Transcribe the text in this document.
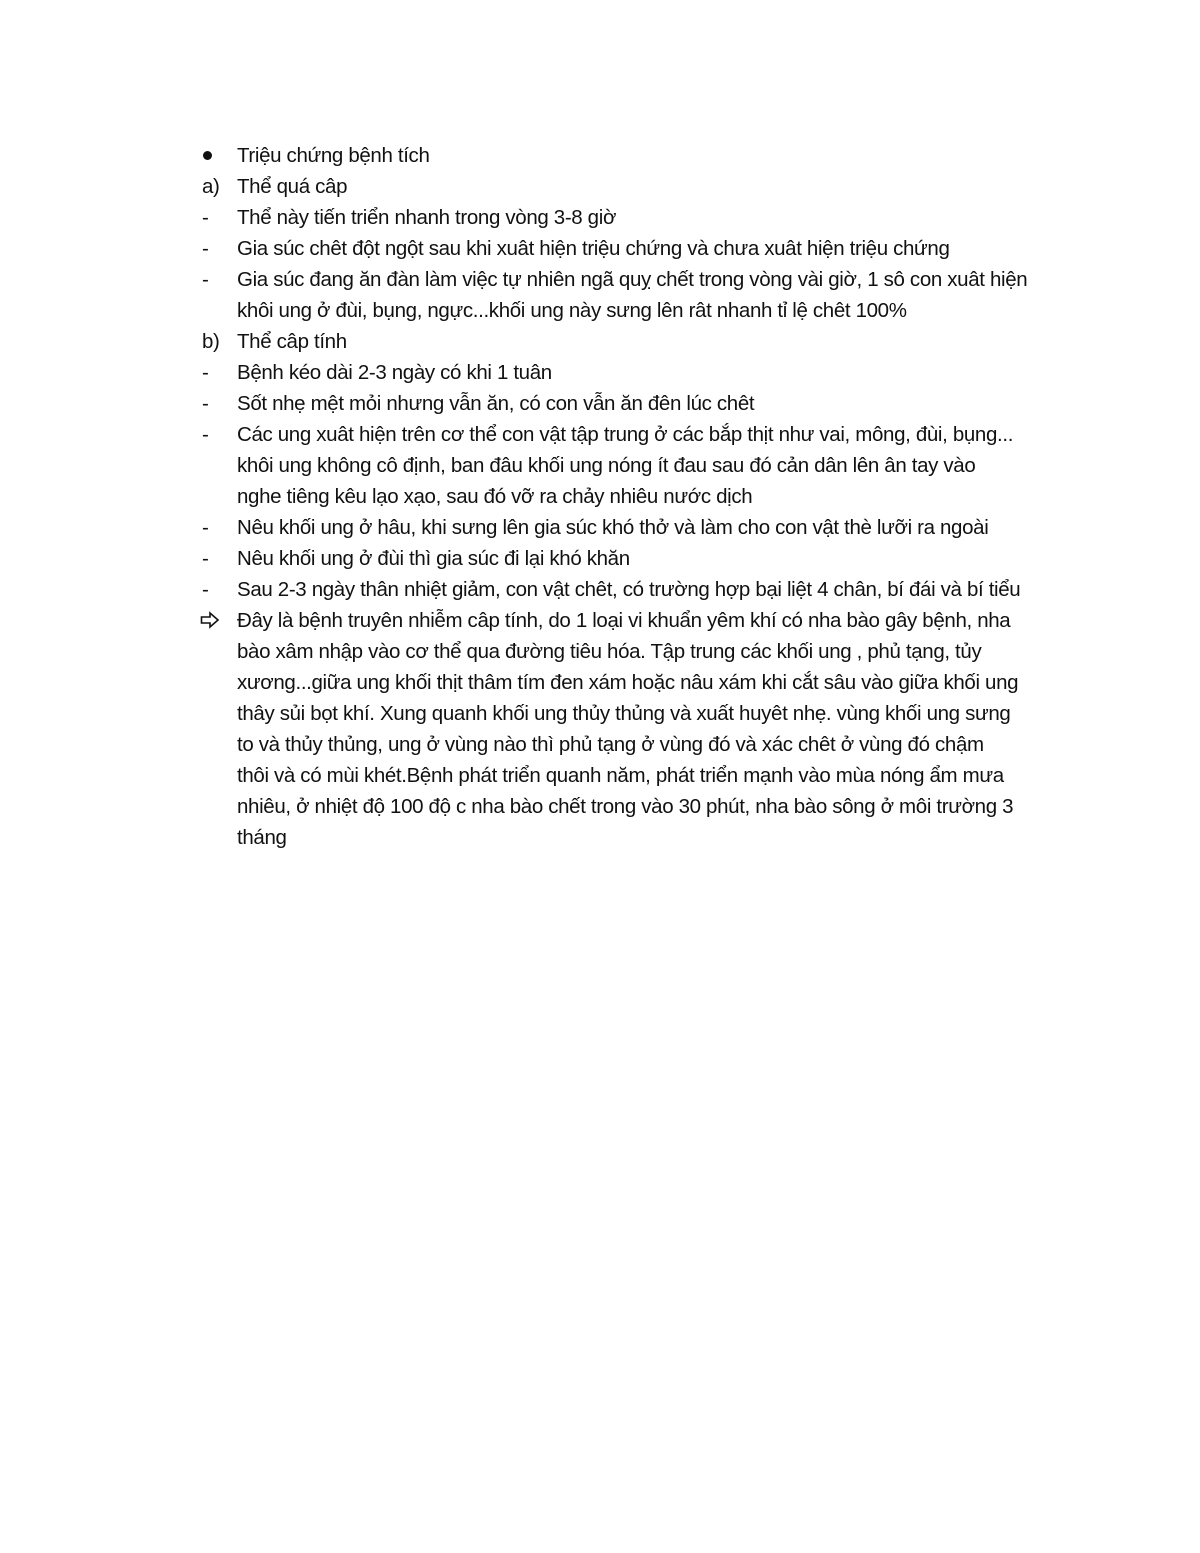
Triệu chứng bệnh tích
a) Thể quá câp
- Thể này tiến triển nhanh trong vòng 3-8 giờ
- Gia súc chêt đột ngột sau khi xuât hiện triệu chứng và chưa xuât hiện triệu chứng
- Gia súc đang ăn đàn làm việc tự nhiên ngã quỵ chết trong vòng vài giờ, 1 sô con xuât hiện
khôi ung ở đùi, bụng, ngực...khối ung này sưng lên rât nhanh tỉ lệ chêt 100%
b) Thể câp tính
- Bệnh kéo dài 2-3 ngày có khi 1 tuân
- Sốt nhẹ mệt mỏi nhưng vẫn ăn, có con vẫn ăn đên lúc chêt
- Các ung xuât hiện trên cơ thể con vật tập trung ở các bắp thịt như vai, mông, đùi, bụng...
khôi ung không cô định, ban đâu khối ung nóng ít đau sau đó cản dân lên ân tay vào
nghe tiêng kêu lạo xạo, sau đó vỡ ra chảy nhiêu nước dịch
- Nêu khối ung ở hâu, khi sưng lên gia súc khó thở và làm cho con vật thè lưỡi ra ngoài
- Nêu khối ung ở đùi thì gia súc đi lại khó khăn
- Sau 2-3 ngày thân nhiệt giảm, con vật chêt, có trường hợp bại liệt 4 chân, bí đái và bí tiểu
Đây là bệnh truyên nhiễm câp tính, do 1 loại vi khuẩn yêm khí có nha bào gây bệnh, nha
bào xâm nhập vào cơ thể qua đường tiêu hóa. Tập trung các khối ung , phủ tạng, tủy
xương...giữa ung khối thịt thâm tím đen xám hoặc nâu xám khi cắt sâu vào giữa khối ung
thây sủi bọt khí. Xung quanh khối ung thủy thủng và xuất huyêt nhẹ. vùng khối ung sưng
to và thủy thủng, ung ở vùng nào thì phủ tạng ở vùng đó và xác chêt ở vùng đó chậm
thôi và có mùi khét.Bệnh phát triển quanh năm, phát triển mạnh vào mùa nóng ẩm mưa
nhiêu, ở nhiệt độ 100 độ c nha bào chết trong vào 30 phút, nha bào sông ở môi trường 3
tháng
